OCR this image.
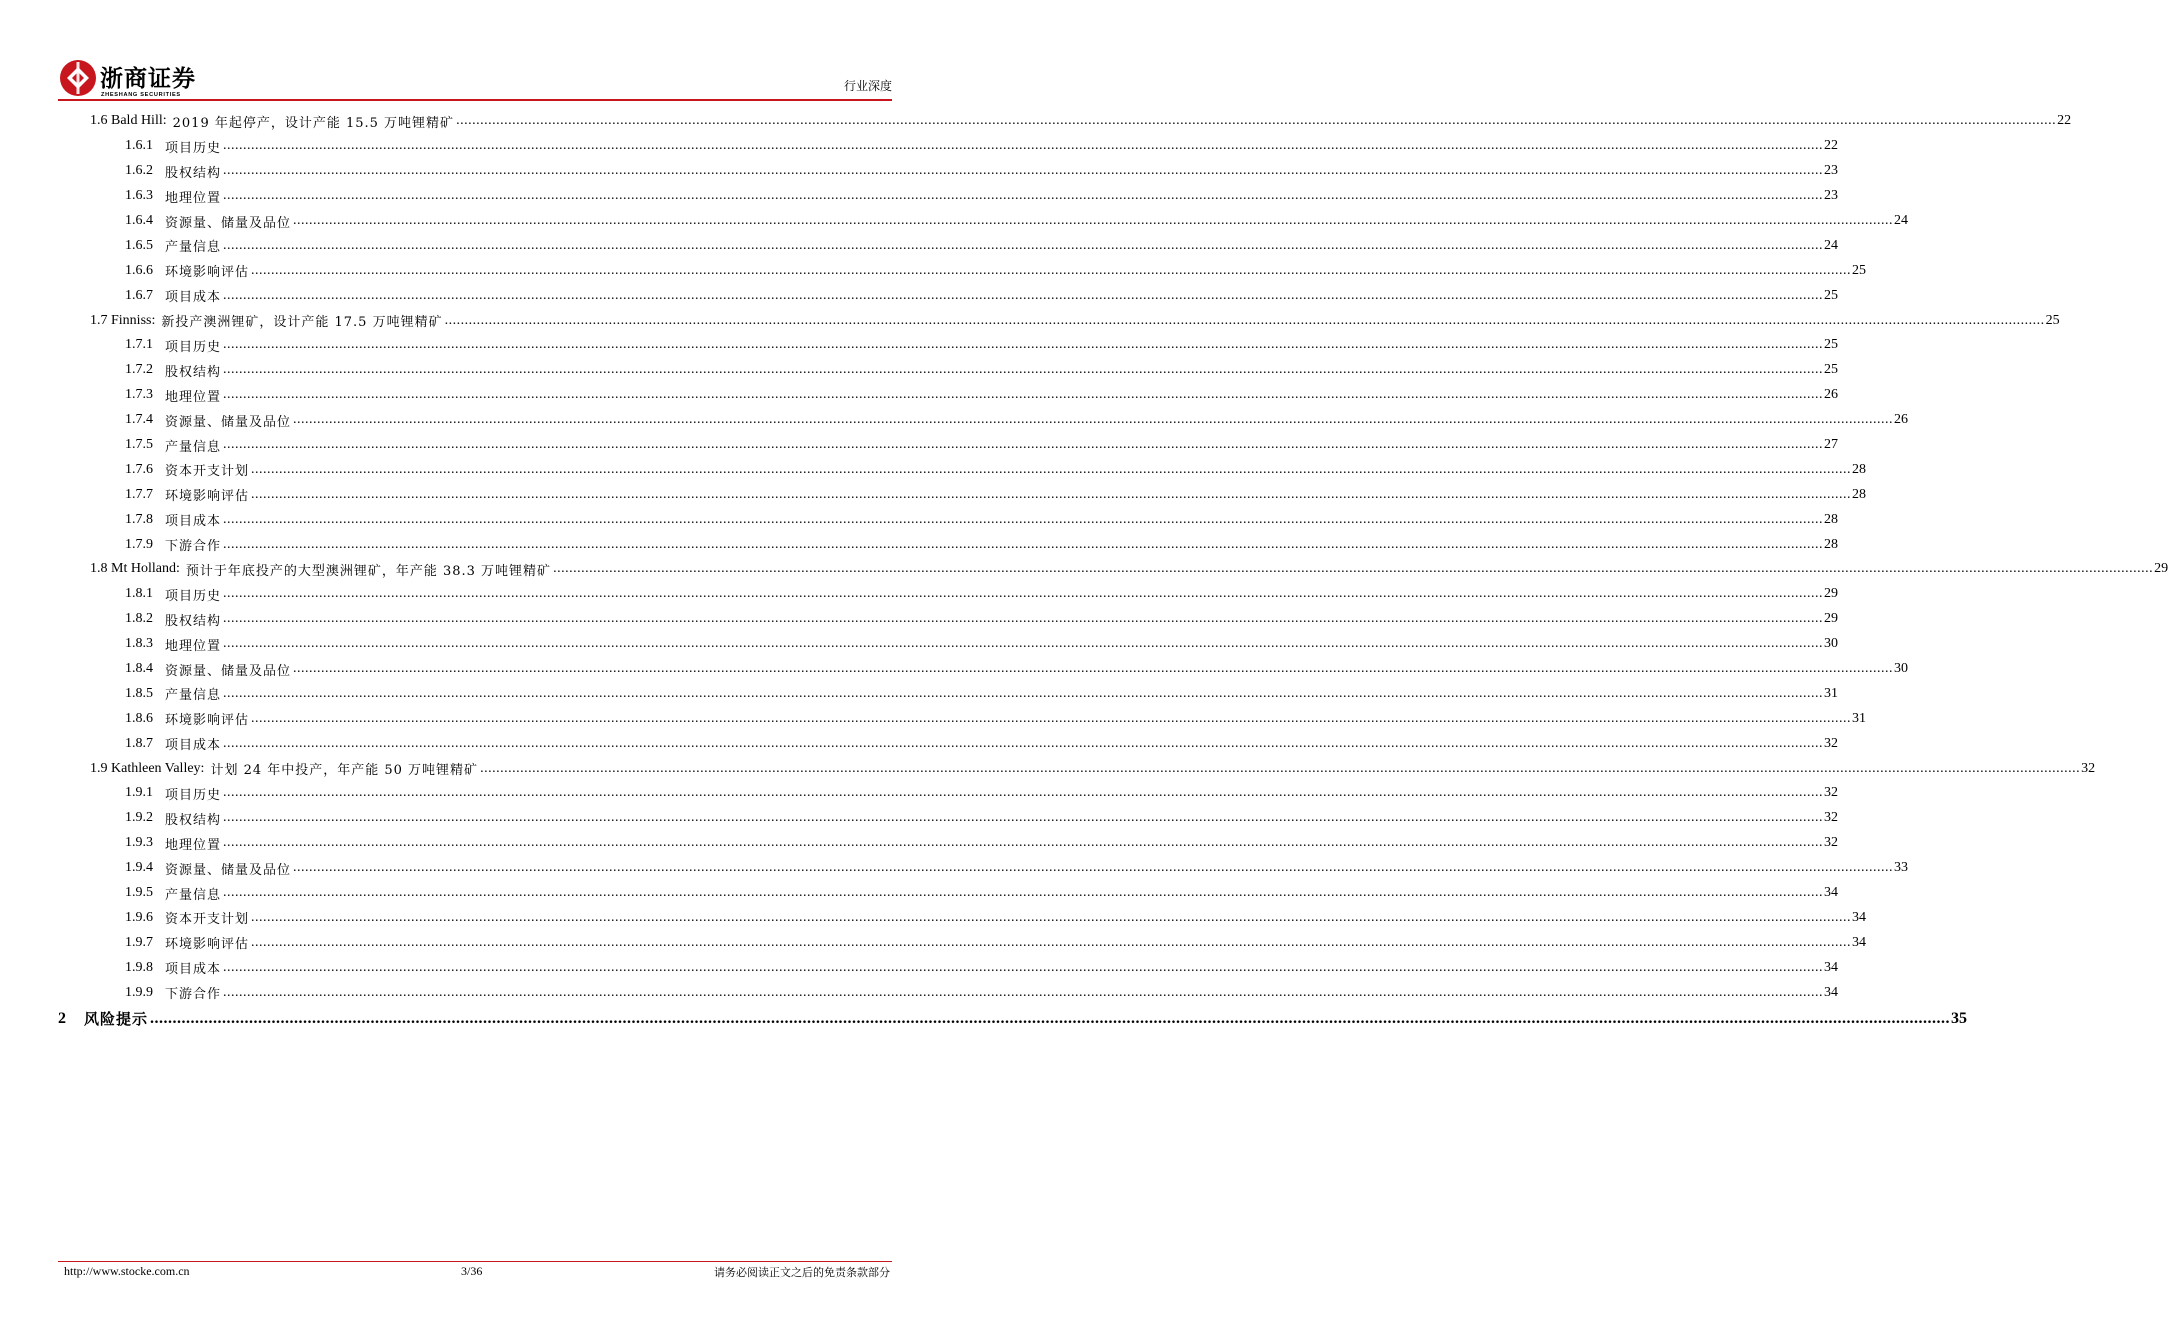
浙商证券
ZHESHANG SECURITIES
行业深度
1.6 Bald Hill: 2019 年起停产，设计产能 15.5 万吨锂精矿 ................................................................................................................................................................................................................................................................................................................................................................................................................ 22
1.6.1 项目历史 ................................................................................................................................................................................................................................................................................................................................................................................................................ 22
1.6.2 股权结构 ................................................................................................................................................................................................................................................................................................................................................................................................................ 23
1.6.3 地理位置 ................................................................................................................................................................................................................................................................................................................................................................................................................ 23
1.6.4 资源量、储量及品位 ................................................................................................................................................................................................................................................................................................................................................................................................................ 24
1.6.5 产量信息 ................................................................................................................................................................................................................................................................................................................................................................................................................ 24
1.6.6 环境影响评估 ................................................................................................................................................................................................................................................................................................................................................................................................................ 25
1.6.7 项目成本 ................................................................................................................................................................................................................................................................................................................................................................................................................ 25
1.7 Finniss: 新投产澳洲锂矿，设计产能 17.5 万吨锂精矿 ................................................................................................................................................................................................................................................................................................................................................................................................................ 25
1.7.1 项目历史 ................................................................................................................................................................................................................................................................................................................................................................................................................ 25
1.7.2 股权结构 ................................................................................................................................................................................................................................................................................................................................................................................................................ 25
1.7.3 地理位置 ................................................................................................................................................................................................................................................................................................................................................................................................................ 26
1.7.4 资源量、储量及品位 ................................................................................................................................................................................................................................................................................................................................................................................................................ 26
1.7.5 产量信息 ................................................................................................................................................................................................................................................................................................................................................................................................................ 27
1.7.6 资本开支计划 ................................................................................................................................................................................................................................................................................................................................................................................................................ 28
1.7.7 环境影响评估 ................................................................................................................................................................................................................................................................................................................................................................................................................ 28
1.7.8 项目成本 ................................................................................................................................................................................................................................................................................................................................................................................................................ 28
1.7.9 下游合作 ................................................................................................................................................................................................................................................................................................................................................................................................................ 28
1.8 Mt Holland: 预计于年底投产的大型澳洲锂矿，年产能 38.3 万吨锂精矿 ................................................................................................................................................................................................................................................................................................................................................................................................................ 29
1.8.1 项目历史 ................................................................................................................................................................................................................................................................................................................................................................................................................ 29
1.8.2 股权结构 ................................................................................................................................................................................................................................................................................................................................................................................................................ 29
1.8.3 地理位置 ................................................................................................................................................................................................................................................................................................................................................................................................................ 30
1.8.4 资源量、储量及品位 ................................................................................................................................................................................................................................................................................................................................................................................................................ 30
1.8.5 产量信息 ................................................................................................................................................................................................................................................................................................................................................................................................................ 31
1.8.6 环境影响评估 ................................................................................................................................................................................................................................................................................................................................................................................................................ 31
1.8.7 项目成本 ................................................................................................................................................................................................................................................................................................................................................................................................................ 32
1.9 Kathleen Valley: 计划 24 年中投产，年产能 50 万吨锂精矿 ................................................................................................................................................................................................................................................................................................................................................................................................................ 32
1.9.1 项目历史 ................................................................................................................................................................................................................................................................................................................................................................................................................ 32
1.9.2 股权结构 ................................................................................................................................................................................................................................................................................................................................................................................................................ 32
1.9.3 地理位置 ................................................................................................................................................................................................................................................................................................................................................................................................................ 32
1.9.4 资源量、储量及品位 ................................................................................................................................................................................................................................................................................................................................................................................................................ 33
1.9.5 产量信息 ................................................................................................................................................................................................................................................................................................................................................................................................................ 34
1.9.6 资本开支计划 ................................................................................................................................................................................................................................................................................................................................................................................................................ 34
1.9.7 环境影响评估 ................................................................................................................................................................................................................................................................................................................................................................................................................ 34
1.9.8 项目成本 ................................................................................................................................................................................................................................................................................................................................................................................................................ 34
1.9.9 下游合作 ................................................................................................................................................................................................................................................................................................................................................................................................................ 34
2	风险提示 ................................................................................................................................................................................................................................................................................................................................................................................................................ 35
http://www.stocke.com.cn	3/36	请务必阅读正文之后的免责条款部分
